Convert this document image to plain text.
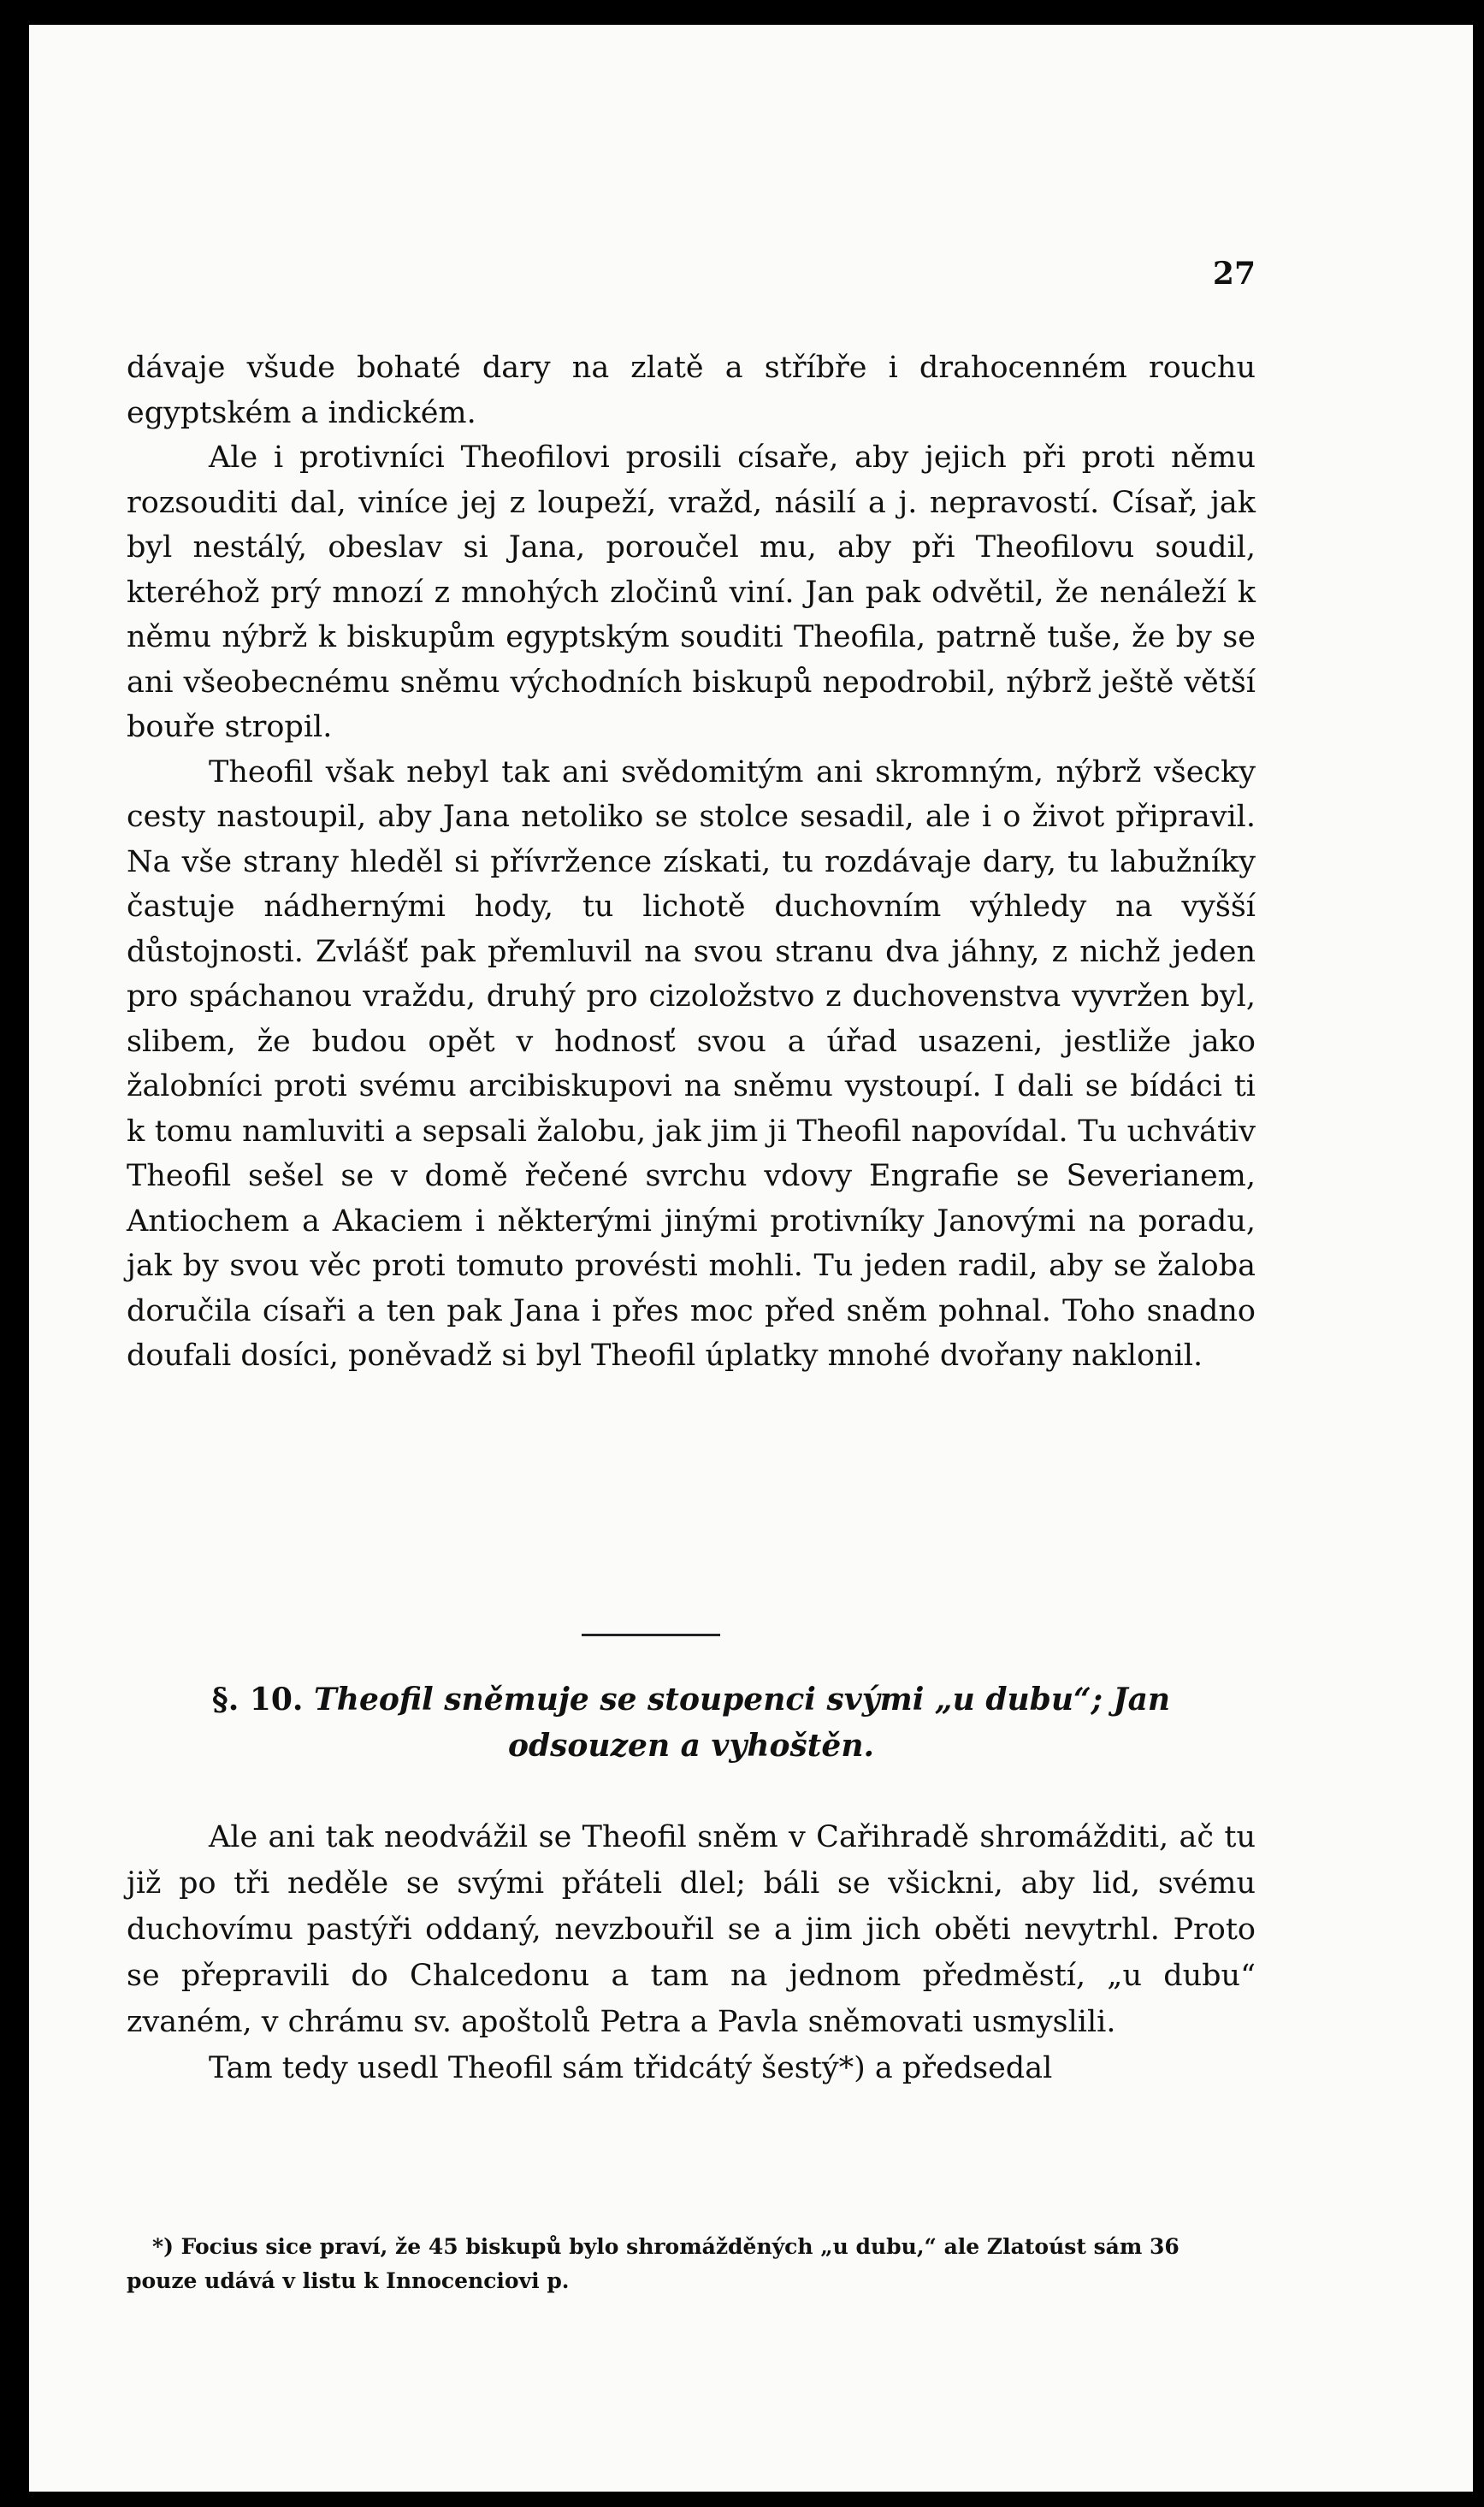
27

dávaje všude bohaté dary na zlatě a stříbře i drahocenném rouchu egyptském a indickém.

Ale i protivníci Theofilovi prosili císaře, aby jejich při proti němu rozsouditi dal, viníce jej z loupeží, vražd, násilí a j. nepravostí. Císař, jak byl nestálý, obeslav si Jana, poroučel mu, aby při Theofilovu soudil, kteréhož prý mnozí z mnohých zločinů viní. Jan pak odvětil, že nenáleží k němu nýbrž k biskupům egyptským souditi Theofila, patrně tuše, že by se ani všeobecnému sněmu východních biskupů nepodrobil, nýbrž ještě větší bouře stropil.

Theofil však nebyl tak ani svědomitým ani skromným, nýbrž všecky cesty nastoupil, aby Jana netoliko se stolce sesadil, ale i o život připravil. Na vše strany hleděl si přívržence získati, tu rozdávaje dary, tu labužníky častuje nádhernými hody, tu lichotě duchovním výhledy na vyšší důstojnosti. Zvlášť pak přemluvil na svou stranu dva jáhny, z nichž jeden pro spáchanou vraždu, druhý pro cizoložstvo z duchovenstva vyvržen byl, slibem, že budou opět v hodnosť svou a úřad usazeni, jestliže jako žalobníci proti svému arcibiskupovi na sněmu vystoupí. I dali se bídáci ti k tomu namluviti a sepsali žalobu, jak jim ji Theofil napovídal. Tu uchvátiv Theofil sešel se v domě řečené svrchu vdovy Engrafie se Severianem, Antiochem a Akaciem i některými jinými protivníky Janovými na poradu, jak by svou věc proti tomuto provésti mohli. Tu jeden radil, aby se žaloba doručila císaři a ten pak Jana i přes moc před sněm pohnal. Toho snadno doufali dosíci, poněvadž si byl Theofil úplatky mnohé dvořany naklonil.

§. 10. Theofil sněmuje se stoupenci svými „u dubu“; Jan odsouzen a vyhoštěn.

Ale ani tak neodvážil se Theofil sněm v Cařihradě shromážditi, ač tu již po tři neděle se svými přáteli dlel; báli se všickni, aby lid, svému duchovímu pastýři oddaný, nevzbouřil se a jim jich oběti nevytrhl. Proto se přepravili do Chalcedonu a tam na jednom předměstí, „u dubu“ zvaném, v chrámu sv. apoštolů Petra a Pavla sněmovati usmyslili.

Tam tedy usedl Theofil sám třidcátý šestý*) a předsedal

*) Focius sice praví, že 45 biskupů bylo shromážděných „u dubu,“ ale Zlatoúst sám 36 pouze udává v listu k Innocenciovi p.
